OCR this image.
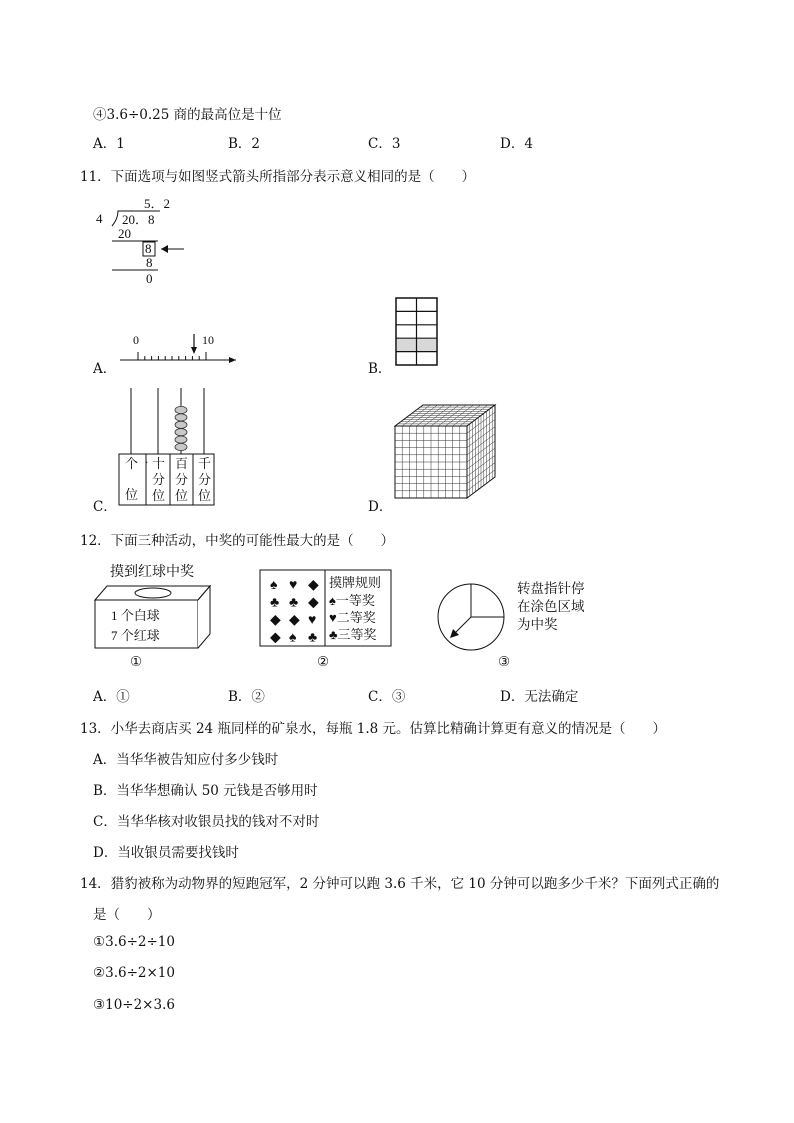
④3.6÷0.25 商的最高位是十位
A．1	B．2	C．3	D．4
11．下面选项与如图竖式箭头所指部分表示意义相同的是（　　）
5．2
4 20．8
20
8
8
0
A．
0	10
B．
C．
个
位
· 十
分
位
百
分
位
千
分
位
D．
12．下面三种活动，中奖的可能性最大的是（　　）
摸到红球中奖
1 个白球
7 个红球
①
♠ ♥ ◆
♣ ♣ ◆
◆ ◆ ♥
◆ ♠ ♣
摸牌规则
♠一等奖
♥二等奖
♣三等奖
②
转盘指针停
在涂色区域
为中奖
③
A．①	B．②	C．③	D．无法确定
13．小华去商店买 24 瓶同样的矿泉水，每瓶 1.8 元。估算比精确计算更有意义的情况是（　　）
A．当华华被告知应付多少钱时
B．当华华想确认 50 元钱是否够用时
C．当华华核对收银员找的钱对不对时
D．当收银员需要找钱时
14．猎豹被称为动物界的短跑冠军，2 分钟可以跑 3.6 千米，它 10 分钟可以跑多少千米？下面列式正确的
是（　　）
①3.6÷2÷10
②3.6÷2×10
③10÷2×3.6
